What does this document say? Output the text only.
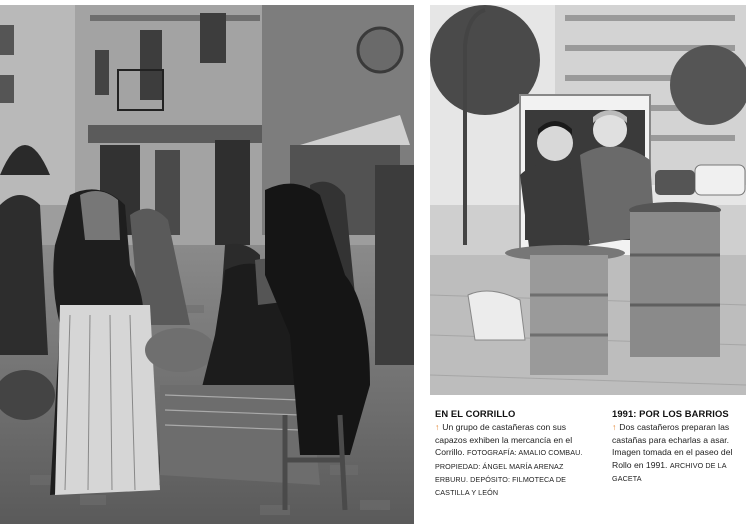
EN EL CORRILLO
↑ Un grupo de castañeras con sus capazos exhiben la mercancía en el Corrillo. FOTOGRAFÍA: AMALIO COMBAU. PROPIEDAD: ÁNGEL MARÍA ARENAZ ERBURU. DEPÓSITO: FILMOTECA DE CASTILLA Y LEÓN
1991: POR LOS BARRIOS
↑ Dos castañeros preparan las castañas para echarlas a asar. Imagen tomada en el paseo del Rollo en 1991. ARCHIVO DE LA GACETA
